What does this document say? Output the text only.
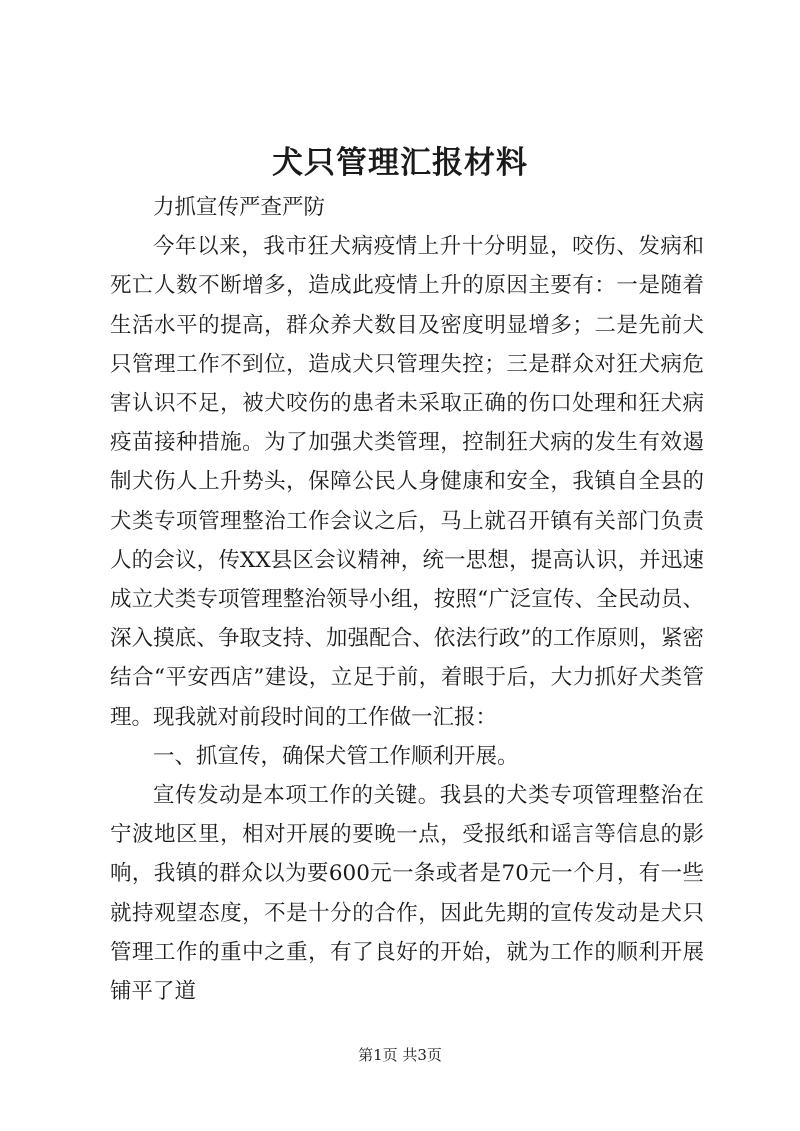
犬只管理汇报材料

力抓宣传严查严防

今年以来，我市狂犬病疫情上升十分明显，咬伤、发病和死亡人数不断增多，造成此疫情上升的原因主要有：一是随着生活水平的提高，群众养犬数目及密度明显增多；二是先前犬只管理工作不到位，造成犬只管理失控；三是群众对狂犬病危害认识不足，被犬咬伤的患者未采取正确的伤口处理和狂犬病疫苗接种措施。为了加强犬类管理，控制狂犬病的发生有效遏制犬伤人上升势头，保障公民人身健康和安全，我镇自全县的犬类专项管理整治工作会议之后，马上就召开镇有关部门负责人的会议，传XX县区会议精神，统一思想，提高认识，并迅速成立犬类专项管理整治领导小组，按照“广泛宣传、全民动员、深入摸底、争取支持、加强配合、依法行政”的工作原则，紧密结合“平安西店”建设，立足于前，着眼于后，大力抓好犬类管理。现我就对前段时间的工作做一汇报：

一、抓宣传，确保犬管工作顺利开展。

宣传发动是本项工作的关键。我县的犬类专项管理整治在宁波地区里，相对开展的要晚一点，受报纸和谣言等信息的影响，我镇的群众以为要600元一条或者是70元一个月，有一些就持观望态度，不是十分的合作，因此先期的宣传发动是犬只管理工作的重中之重，有了良好的开始，就为工作的顺利开展铺平了道

第1页 共3页
